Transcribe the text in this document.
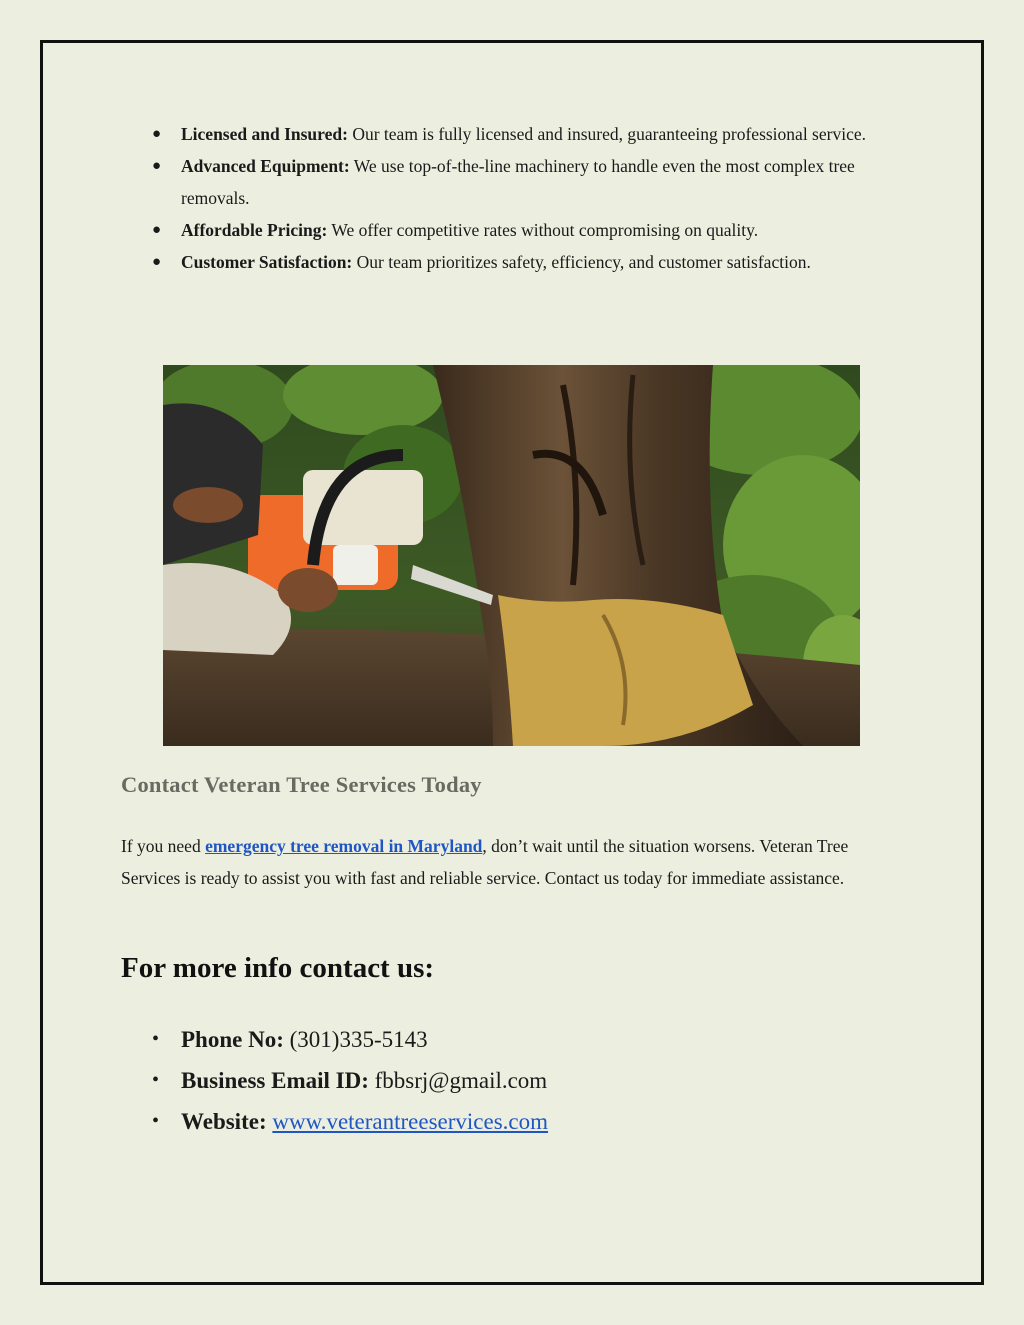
● Licensed and Insured: Our team is fully licensed and insured, guaranteeing professional service.
● Advanced Equipment: We use top-of-the-line machinery to handle even the most complex tree removals.
● Affordable Pricing: We offer competitive rates without compromising on quality.
● Customer Satisfaction: Our team prioritizes safety, efficiency, and customer satisfaction.
Contact Veteran Tree Services Today

If you need emergency tree removal in Maryland, don’t wait until the situation worsens. Veteran Tree Services is ready to assist you with fast and reliable service. Contact us today for immediate assistance.

For more info contact us:
• Phone No: (301)335-5143
• Business Email ID: fbbsrj@gmail.com
• Website: www.veterantreeservices.com
